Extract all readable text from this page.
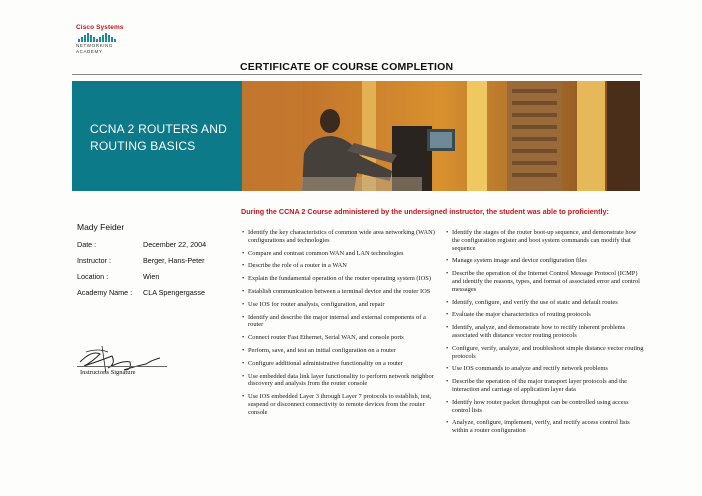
Cisco Systems
NETWORKING ACADEMY
CERTIFICATE OF COURSE COMPLETION
CCNA 2 ROUTERS AND ROUTING BASICS
Mady Feider
Date :	December 22, 2004
Instructor :	Berger, Hans-Peter
Location :	Wien
Academy Name :	CLA Spengergasse
During the CCNA 2 Course administered by the undersigned instructor, the student was able to proficiently:
• Identify the key characteristics of common wide area networking (WAN) configurations and technologies
• Compare and contrast common WAN and LAN technologies
• Describe the role of a router in a WAN
• Explain the fundamental operation of the router operating system (IOS)
• Establish communication between a terminal device and the router IOS
• Use IOS for router analysis, configuration, and repair
• Identify and describe the major internal and external components of a router
• Connect router Fast Ethernet, Serial WAN, and console ports
• Perform, save, and test an initial configuration on a router
• Configure additional administrative functionality on a router
• Use embedded data link layer functionality to perform network neighbor discovery and analysis from the router console
• Use IOS embedded Layer 3 through Layer 7 protocols to establish, test, suspend or disconnect connectivity to remote devices from the router console
• Identify the stages of the router boot-up sequence, and demonstrate how the configuration register and boot system commands can modify that sequence
• Manage system image and device configuration files
• Describe the operation of the Internet Control Message Protocol (ICMP) and identify the reasons, types, and format of associated error and control messages
• Identify, configure, and verify the use of static and default routes
• Evaluate the major characteristics of routing protocols
• Identify, analyze, and demonstrate how to rectify inherent problems associated with distance vector routing protocols
• Configure, verify, analyze, and troubleshoot simple distance vector routing protocols
• Use IOS commands to analyze and rectify network problems
• Describe the operation of the major transport layer protocols and the interaction and carriage of application layer data
• Identify how router packet throughput can be controlled using access control lists
• Analyze, configure, implement, verify, and rectify access control lists within a router configuration
Instructor's Signature
